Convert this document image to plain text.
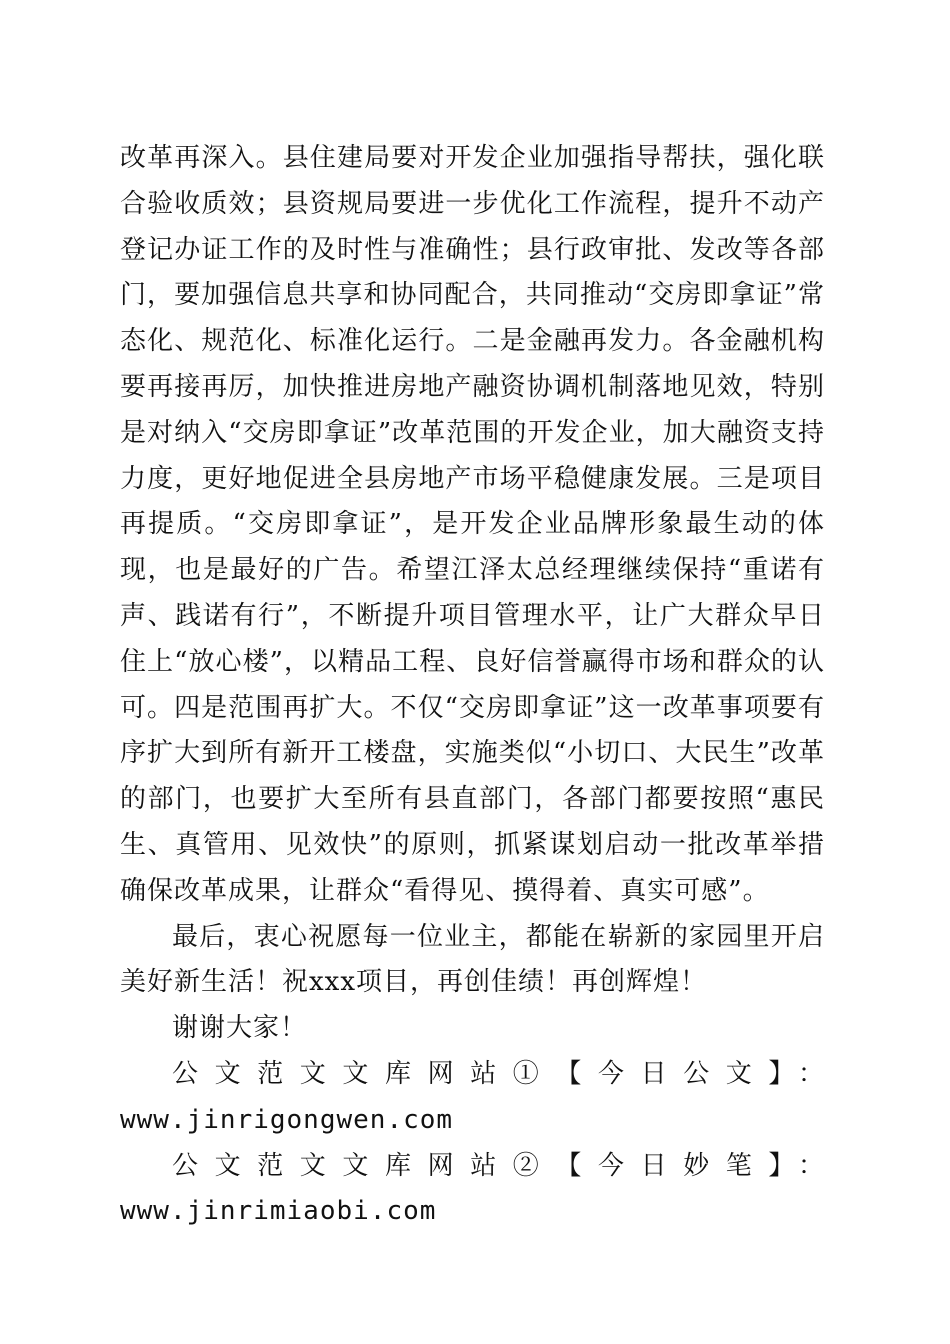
改革再深入。县住建局要对开发企业加强指导帮扶，强化联合验收质效；县资规局要进一步优化工作流程，提升不动产登记办证工作的及时性与准确性；县行政审批、发改等各部门，要加强信息共享和协同配合，共同推动“交房即拿证”常态化、规范化、标准化运行。二是金融再发力。各金融机构要再接再厉，加快推进房地产融资协调机制落地见效，特别是对纳入“交房即拿证”改革范围的开发企业，加大融资支持力度，更好地促进全县房地产市场平稳健康发展。三是项目再提质。“交房即拿证”，是开发企业品牌形象最生动的体现，也是最好的广告。希望江泽太总经理继续保持“重诺有声、践诺有行”，不断提升项目管理水平，让广大群众早日住上“放心楼”，以精品工程、良好信誉赢得市场和群众的认可。四是范围再扩大。不仅“交房即拿证”这一改革事项要有序扩大到所有新开工楼盘，实施类似“小切口、大民生”改革的部门，也要扩大至所有县直部门，各部门都要按照“惠民生、真管用、见效快”的原则，抓紧谋划启动一批改革举措确保改革成果，让群众“看得见、摸得着、真实可感”。

最后，衷心祝愿每一位业主，都能在崭新的家园里开启美好新生活！祝xxx项目，再创佳绩！再创辉煌！

谢谢大家！

公文范文文库网站①【今日公文】：www.jinrigongwen.com

公文范文文库网站②【今日妙笔】：www.jinrimiaobi.com
